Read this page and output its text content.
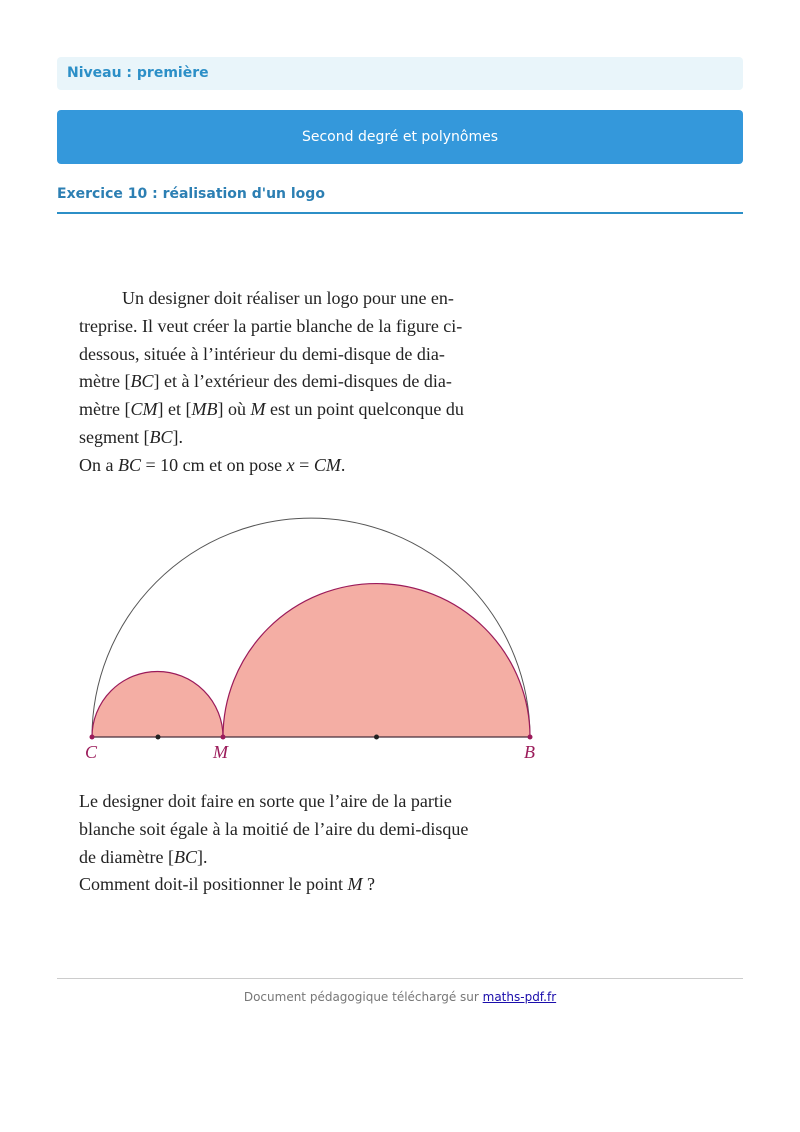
Niveau : première
Second degré et polynômes
Exercice 10 : réalisation d'un logo
Un designer doit réaliser un logo pour une en-
treprise. Il veut créer la partie blanche de la figure ci-
dessous, située à l’intérieur du demi-disque de dia-
mètre [BC] et à l’extérieur des demi-disques de dia-
mètre [CM] et [MB] où M est un point quelconque du
segment [BC].
On a BC = 10 cm et on pose x = CM.
C	M	B
Le designer doit faire en sorte que l’aire de la partie
blanche soit égale à la moitié de l’aire du demi-disque
de diamètre [BC].
Comment doit-il positionner le point M ?
Document pédagogique téléchargé sur maths-pdf.fr
